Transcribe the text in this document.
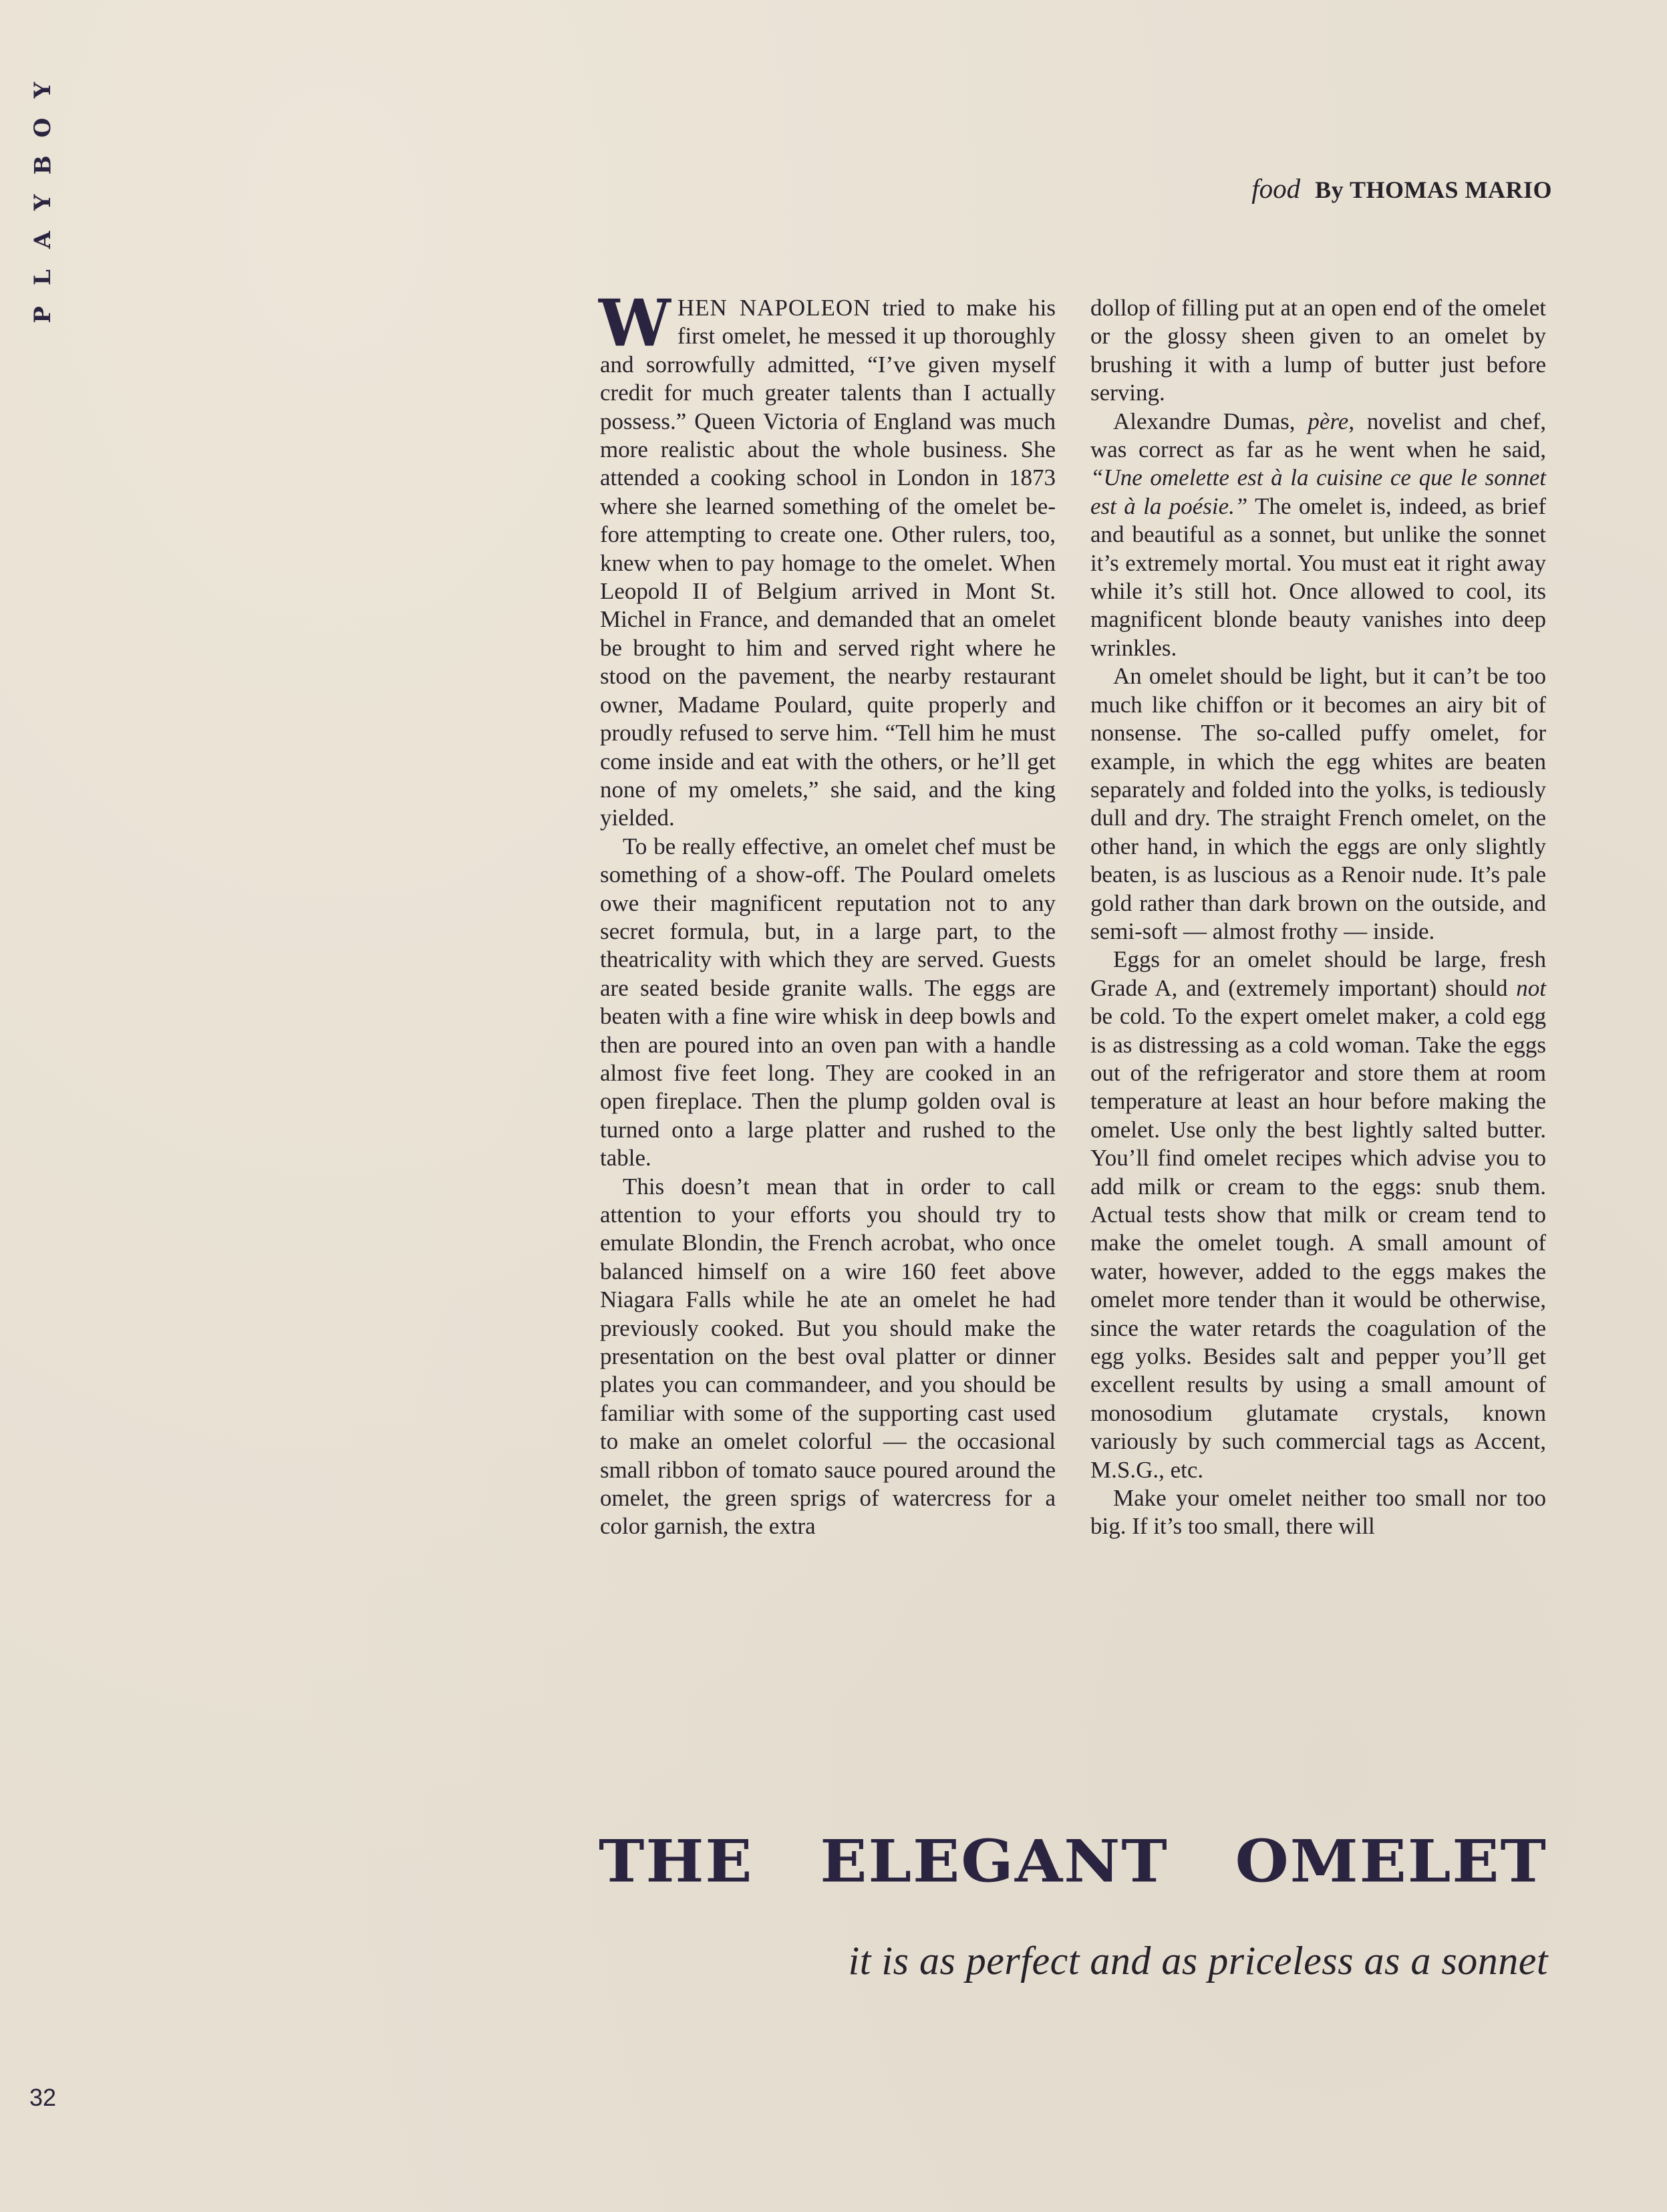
P
L
A
Y
B
O
Y
food By THOMAS MARIO

WHEN NAPOLEON tried to make his first omelet, he messed it up thoroughly and sorrowfully admitted, “I’ve given myself credit for much greater talents than I actually possess.” Queen Victoria of England was much more realistic about the whole business. She attended a cooking school in London in 1873 where she learned something of the omelet before attempting to create one. Other rulers, too, knew when to pay homage to the omelet. When Leopold II of Belgium arrived in Mont St. Michel in France, and demanded that an omelet be brought to him and served right where he stood on the pavement, the nearby restaurant owner, Madame Poulard, quite properly and proudly refused to serve him. “Tell him he must come inside and eat with the others, or he’ll get none of my omelets,” she said, and the king yielded.

To be really effective, an omelet chef must be something of a show-off. The Poulard omelets owe their magnificent reputation not to any secret formula, but, in a large part, to the theatricality with which they are served. Guests are seated beside granite walls. The eggs are beaten with a fine wire whisk in deep bowls and then are poured into an oven pan with a handle almost five feet long. They are cooked in an open fireplace. Then the plump golden oval is turned onto a large platter and rushed to the table.

This doesn’t mean that in order to call attention to your efforts you should try to emulate Blondin, the French acrobat, who once balanced himself on a wire 160 feet above Niagara Falls while he ate an omelet he had previously cooked. But you should make the presentation on the best oval platter or dinner plates you can commandeer, and you should be familiar with some of the supporting cast used to make an omelet colorful — the occasional small ribbon of tomato sauce poured around the omelet, the green sprigs of watercress for a color garnish, the extra

dollop of filling put at an open end of the omelet or the glossy sheen given to an omelet by brushing it with a lump of butter just before serving.

Alexandre Dumas, père, novelist and chef, was correct as far as he went when he said, “Une omelette est à la cuisine ce que le sonnet est à la poésie.” The omelet is, indeed, as brief and beautiful as a sonnet, but unlike the sonnet it’s extremely mortal. You must eat it right away while it’s still hot. Once allowed to cool, its magnificent blonde beauty vanishes into deep wrinkles.

An omelet should be light, but it can’t be too much like chiffon or it becomes an airy bit of nonsense. The so-called puffy omelet, for example, in which the egg whites are beaten separately and folded into the yolks, is tediously dull and dry. The straight French omelet, on the other hand, in which the eggs are only slightly beaten, is as luscious as a Renoir nude. It’s pale gold rather than dark brown on the outside, and semi-soft — almost frothy — inside.

Eggs for an omelet should be large, fresh Grade A, and (extremely important) should not be cold. To the expert omelet maker, a cold egg is as distressing as a cold woman. Take the eggs out of the refrigerator and store them at room temperature at least an hour before making the omelet. Use only the best lightly salted butter. You’ll find omelet recipes which advise you to add milk or cream to the eggs: snub them. Actual tests show that milk or cream tend to make the omelet tough. A small amount of water, however, added to the eggs makes the omelet more tender than it would be otherwise, since the water retards the coagulation of the egg yolks. Besides salt and pepper you’ll get excellent results by using a small amount of monosodium glutamate crystals, known variously by such commercial tags as Accent, M.S.G., etc.

Make your omelet neither too small nor too big. If it’s too small, there will

THE ELEGANT OMELET
it is as perfect and as priceless as a sonnet
32
